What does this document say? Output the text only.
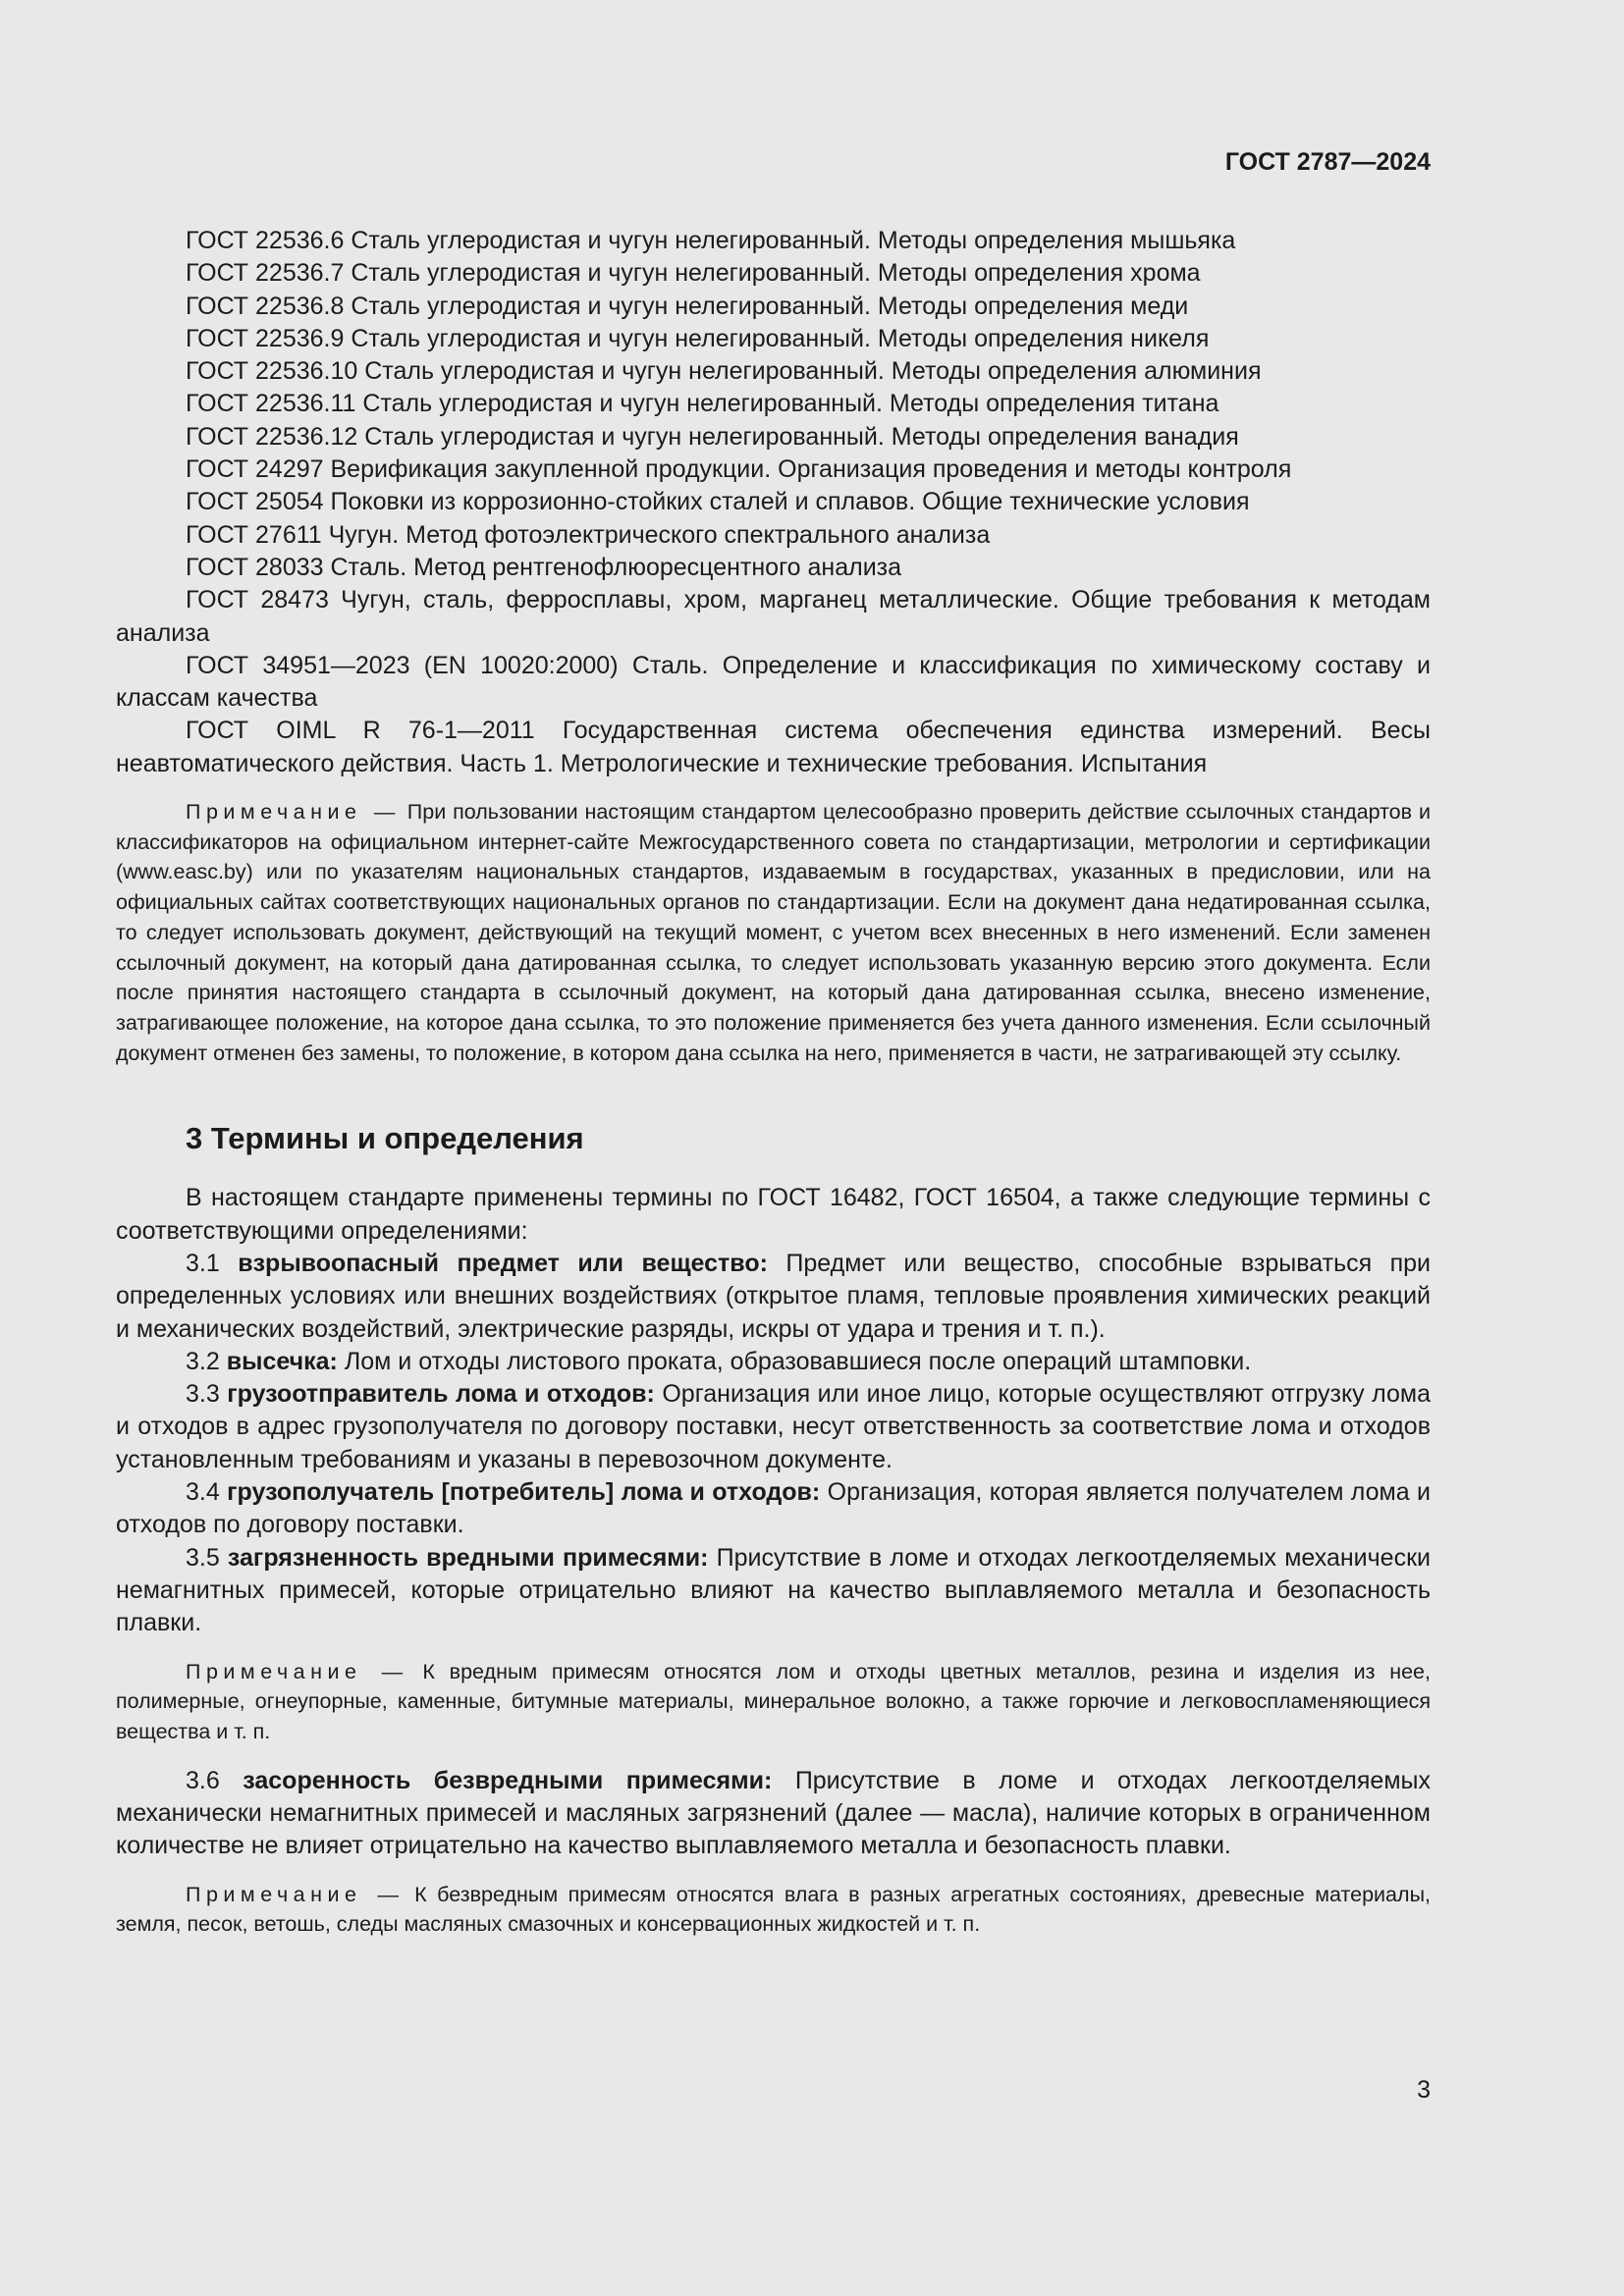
ГОСТ 2787—2024
ГОСТ 22536.6 Сталь углеродистая и чугун нелегированный. Методы определения мышьяка
ГОСТ 22536.7 Сталь углеродистая и чугун нелегированный. Методы определения хрома
ГОСТ 22536.8 Сталь углеродистая и чугун нелегированный. Методы определения меди
ГОСТ 22536.9 Сталь углеродистая и чугун нелегированный. Методы определения никеля
ГОСТ 22536.10 Сталь углеродистая и чугун нелегированный. Методы определения алюминия
ГОСТ 22536.11 Сталь углеродистая и чугун нелегированный. Методы определения титана
ГОСТ 22536.12 Сталь углеродистая и чугун нелегированный. Методы определения ванадия
ГОСТ 24297 Верификация закупленной продукции. Организация проведения и методы контроля
ГОСТ 25054 Поковки из коррозионно-стойких сталей и сплавов. Общие технические условия
ГОСТ 27611 Чугун. Метод фотоэлектрического спектрального анализа
ГОСТ 28033 Сталь. Метод рентгенофлюоресцентного анализа
ГОСТ 28473 Чугун, сталь, ферросплавы, хром, марганец металлические. Общие требования к методам анализа
ГОСТ 34951—2023 (EN 10020:2000) Сталь. Определение и классификация по химическому составу и классам качества
ГОСТ OIML R 76-1—2011 Государственная система обеспечения единства измерений. Весы неавтоматического действия. Часть 1. Метрологические и технические требования. Испытания
Примечание — При пользовании настоящим стандартом целесообразно проверить действие ссылочных стандартов и классификаторов на официальном интернет-сайте Межгосударственного совета по стандартизации, метрологии и сертификации (www.easc.by) или по указателям национальных стандартов, издаваемым в государствах, указанных в предисловии, или на официальных сайтах соответствующих национальных органов по стандартизации. Если на документ дана недатированная ссылка, то следует использовать документ, действующий на текущий момент, с учетом всех внесенных в него изменений. Если заменен ссылочный документ, на который дана датированная ссылка, то следует использовать указанную версию этого документа. Если после принятия настоящего стандарта в ссылочный документ, на который дана датированная ссылка, внесено изменение, затрагивающее положение, на которое дана ссылка, то это положение применяется без учета данного изменения. Если ссылочный документ отменен без замены, то положение, в котором дана ссылка на него, применяется в части, не затрагивающей эту ссылку.
3 Термины и определения
В настоящем стандарте применены термины по ГОСТ 16482, ГОСТ 16504, а также следующие термины с соответствующими определениями:
3.1 взрывоопасный предмет или вещество: Предмет или вещество, способные взрываться при определенных условиях или внешних воздействиях (открытое пламя, тепловые проявления химических реакций и механических воздействий, электрические разряды, искры от удара и трения и т. п.).
3.2 высечка: Лом и отходы листового проката, образовавшиеся после операций штамповки.
3.3 грузоотправитель лома и отходов: Организация или иное лицо, которые осуществляют отгрузку лома и отходов в адрес грузополучателя по договору поставки, несут ответственность за соответствие лома и отходов установленным требованиям и указаны в перевозочном документе.
3.4 грузополучатель [потребитель] лома и отходов: Организация, которая является получателем лома и отходов по договору поставки.
3.5 загрязненность вредными примесями: Присутствие в ломе и отходах легкоотделяемых механически немагнитных примесей, которые отрицательно влияют на качество выплавляемого металла и безопасность плавки.
Примечание — К вредным примесям относятся лом и отходы цветных металлов, резина и изделия из нее, полимерные, огнеупорные, каменные, битумные материалы, минеральное волокно, а также горючие и легковоспламеняющиеся вещества и т. п.
3.6 засоренность безвредными примесями: Присутствие в ломе и отходах легкоотделяемых механически немагнитных примесей и масляных загрязнений (далее — масла), наличие которых в ограниченном количестве не влияет отрицательно на качество выплавляемого металла и безопасность плавки.
Примечание — К безвредным примесям относятся влага в разных агрегатных состояниях, древесные материалы, земля, песок, ветошь, следы масляных смазочных и консервационных жидкостей и т. п.
3
